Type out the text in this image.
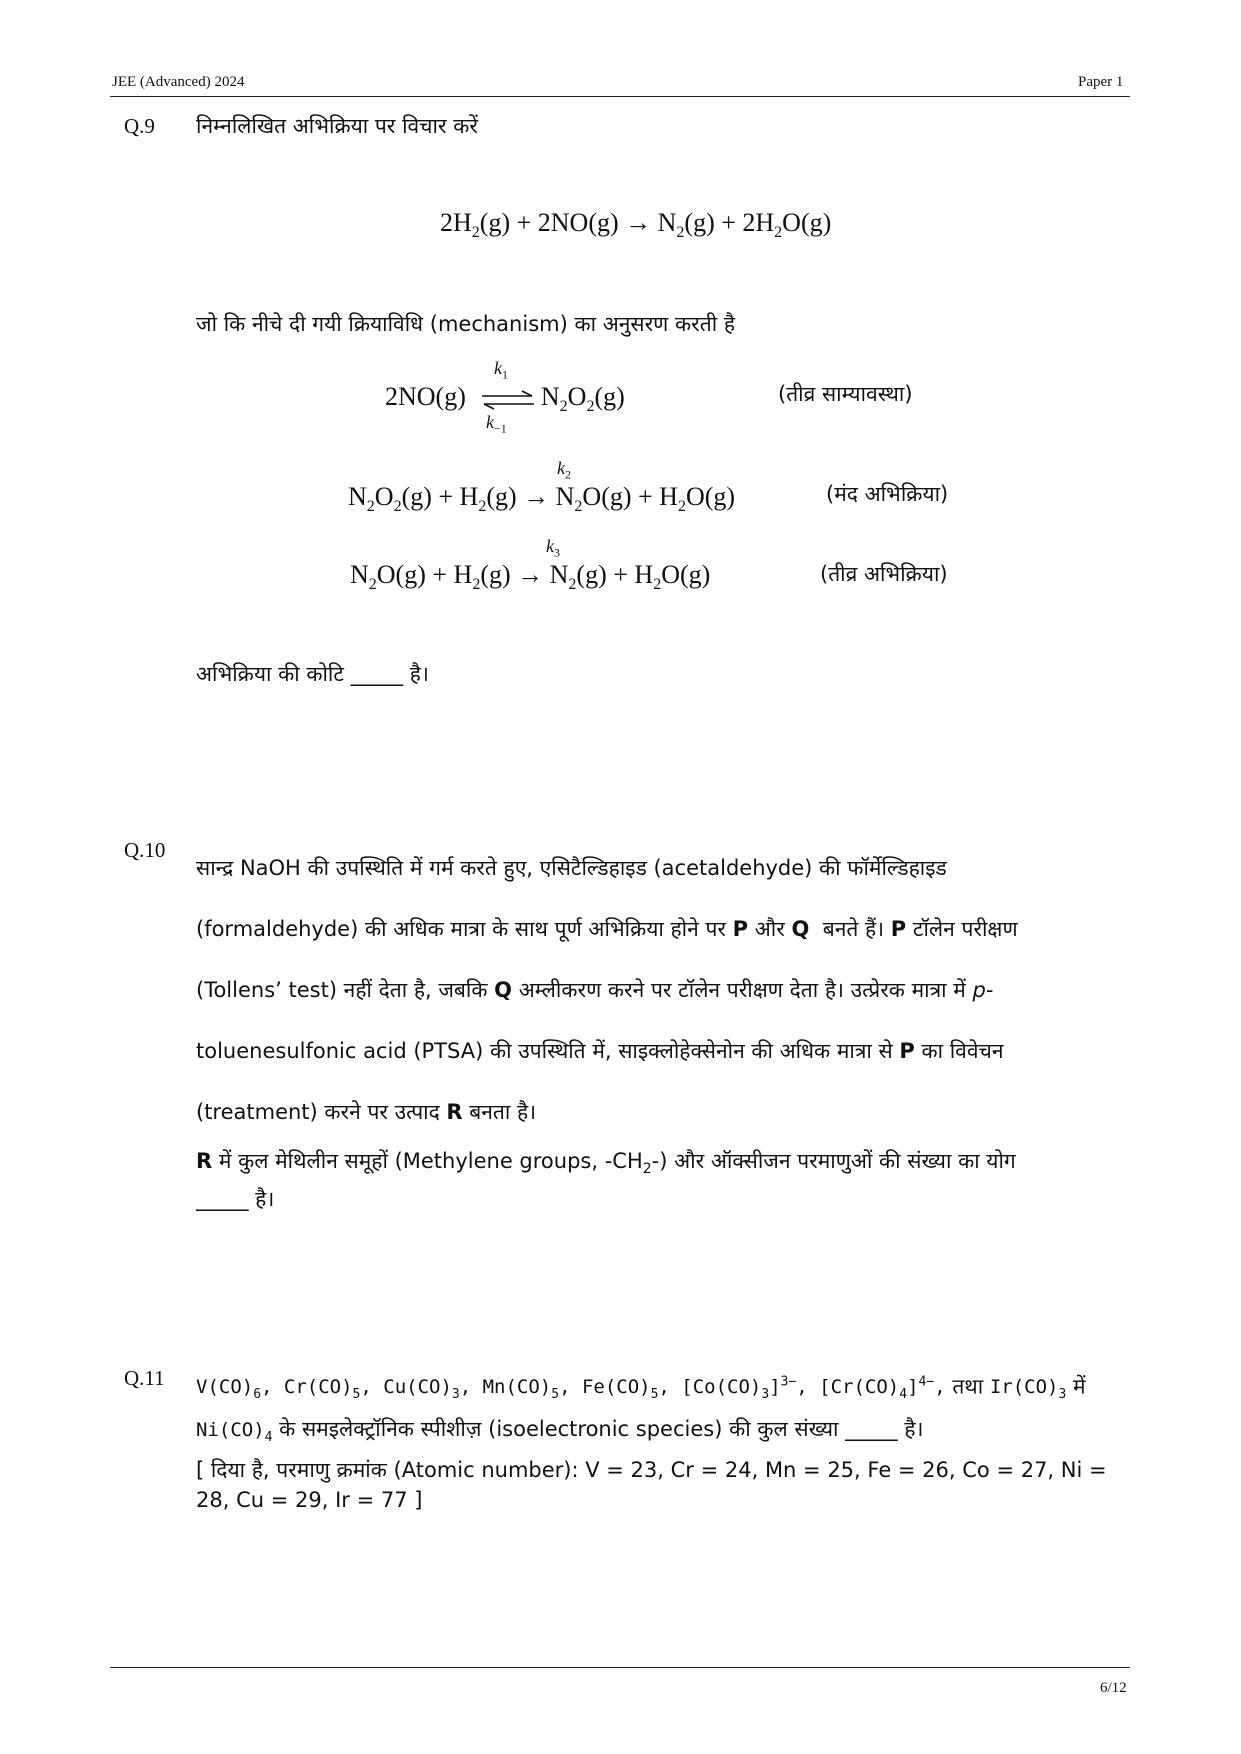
JEE (Advanced) 2024	Paper 1
Q.9 निम्नलिखित अभिक्रिया पर विचार करें
$2H_2(g) + 2NO(g) \to N_2(g) + 2H_2O(g)$
जो कि नीचे दी गयी क्रियाविधि (mechanism) का अनुसरण करती है
2NO(g)  $N_2O_2(g)$
$k_1$
$k_{-1}$
(तीव्र साम्यावस्था)
$k_2$
$N_2O_2(g) + H_2(g) \to N_2O(g) + H_2O(g)$	(मंद अभिक्रिया)
$k_3$
$N_2O(g) + H_2(g) \to N_2(g) + H_2O(g)$	(तीव्र अभिक्रिया)
अभिक्रिया की कोटि _____ है।
Q.10

सान्द्र NaOH की उपस्थिति में गर्म करते हुए, एसिटैल्डिहाइड (acetaldehyde) की फॉर्मेल्डिहाइड

(formaldehyde) की अधिक मात्रा के साथ पूर्ण अभिक्रिया होने पर P और Q  बनते हैं। P टॉलेन परीक्षण

(Tollens’ test) नहीं देता है, जबकि Q अम्लीकरण करने पर टॉलेन परीक्षण देता है। उत्प्रेरक मात्रा में p-

toluenesulfonic acid (PTSA) की उपस्थिति में, साइक्लोहेक्सेनोन की अधिक मात्रा से P का विवेचन

(treatment) करने पर उत्पाद R बनता है।

R में कुल मेथिलीन समूहों (Methylene groups, $-CH_2-$) और ऑक्सीजन परमाणुओं की संख्या का योग
_____ है।
Q.11 $V(CO)_6$, $Cr(CO)_5$, $Cu(CO)_3$, $Mn(CO)_5$, $Fe(CO)_5$, $[Co(CO)_3]^{3-}$, $[Cr(CO)_4]^{4-}$, तथा $Ir(CO)_3$ में
$Ni(CO)_4$ के समइलेक्ट्रॉनिक स्पीशीज़ (isoelectronic species) की कुल संख्या _____ है।
[ दिया है, परमाणु क्रमांक (Atomic number): V = 23, Cr = 24, Mn = 25, Fe = 26, Co = 27, Ni = 28, Cu = 29, Ir = 77 ]
6/12
